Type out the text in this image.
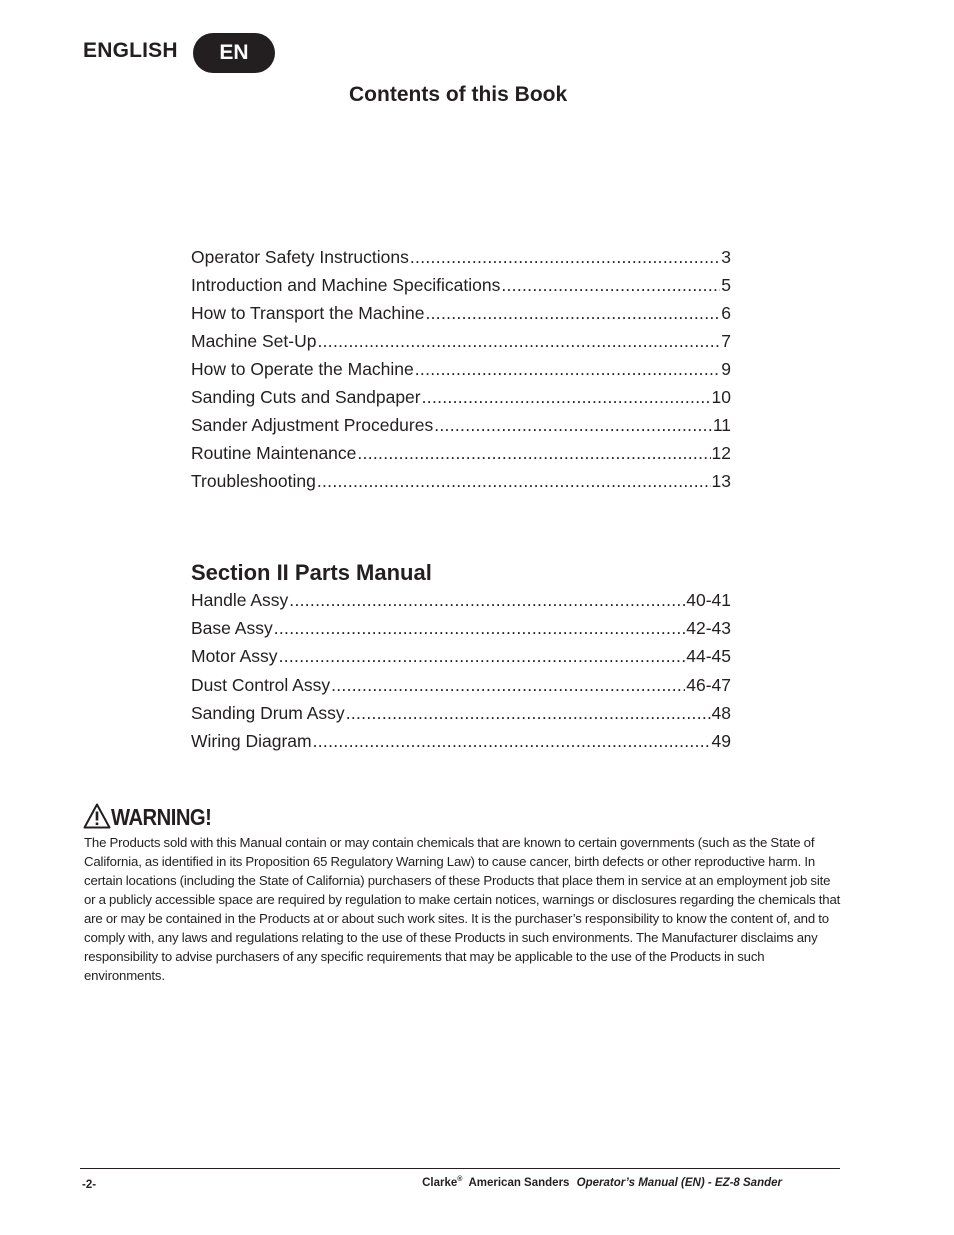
ENGLISH	EN
Contents of this Book
Operator Safety Instructions .....	3
Introduction and Machine Specifications .....	5
How to Transport the Machine .....	6
Machine Set-Up .....	7
How to Operate the Machine .....	9
Sanding Cuts and Sandpaper .....	10
Sander Adjustment Procedures .....	11
Routine Maintenance .....	12
Troubleshooting .....	13
Section II Parts Manual
Handle Assy .....	40-41
Base Assy .....	42-43
Motor Assy .....	44-45
Dust Control Assy .....	46-47
Sanding Drum Assy .....	48
Wiring Diagram .....	49
WARNING!

The Products sold with this Manual contain or may contain chemicals that are known to certain governments (such as the State of California, as identified in its Proposition 65 Regulatory Warning Law) to cause cancer, birth defects or other reproductive harm. In certain locations (including the State of California) purchasers of these Products that place them in service at an employment job site or a publicly accessible space are required by regulation to make certain notices, warnings or disclosures regarding the chemicals that are or may be contained in the Products at or about such work sites. It is the purchaser’s responsibility to know the content of, and to comply with, any laws and regulations relating to the use of these Products in such environments. The Manufacturer disclaims any responsibility to advise purchasers of any specific requirements that may be applicable to the use of the Products in such environments.

-2-	Clarke® American Sanders Operator’s Manual (EN) - EZ-8 Sander
